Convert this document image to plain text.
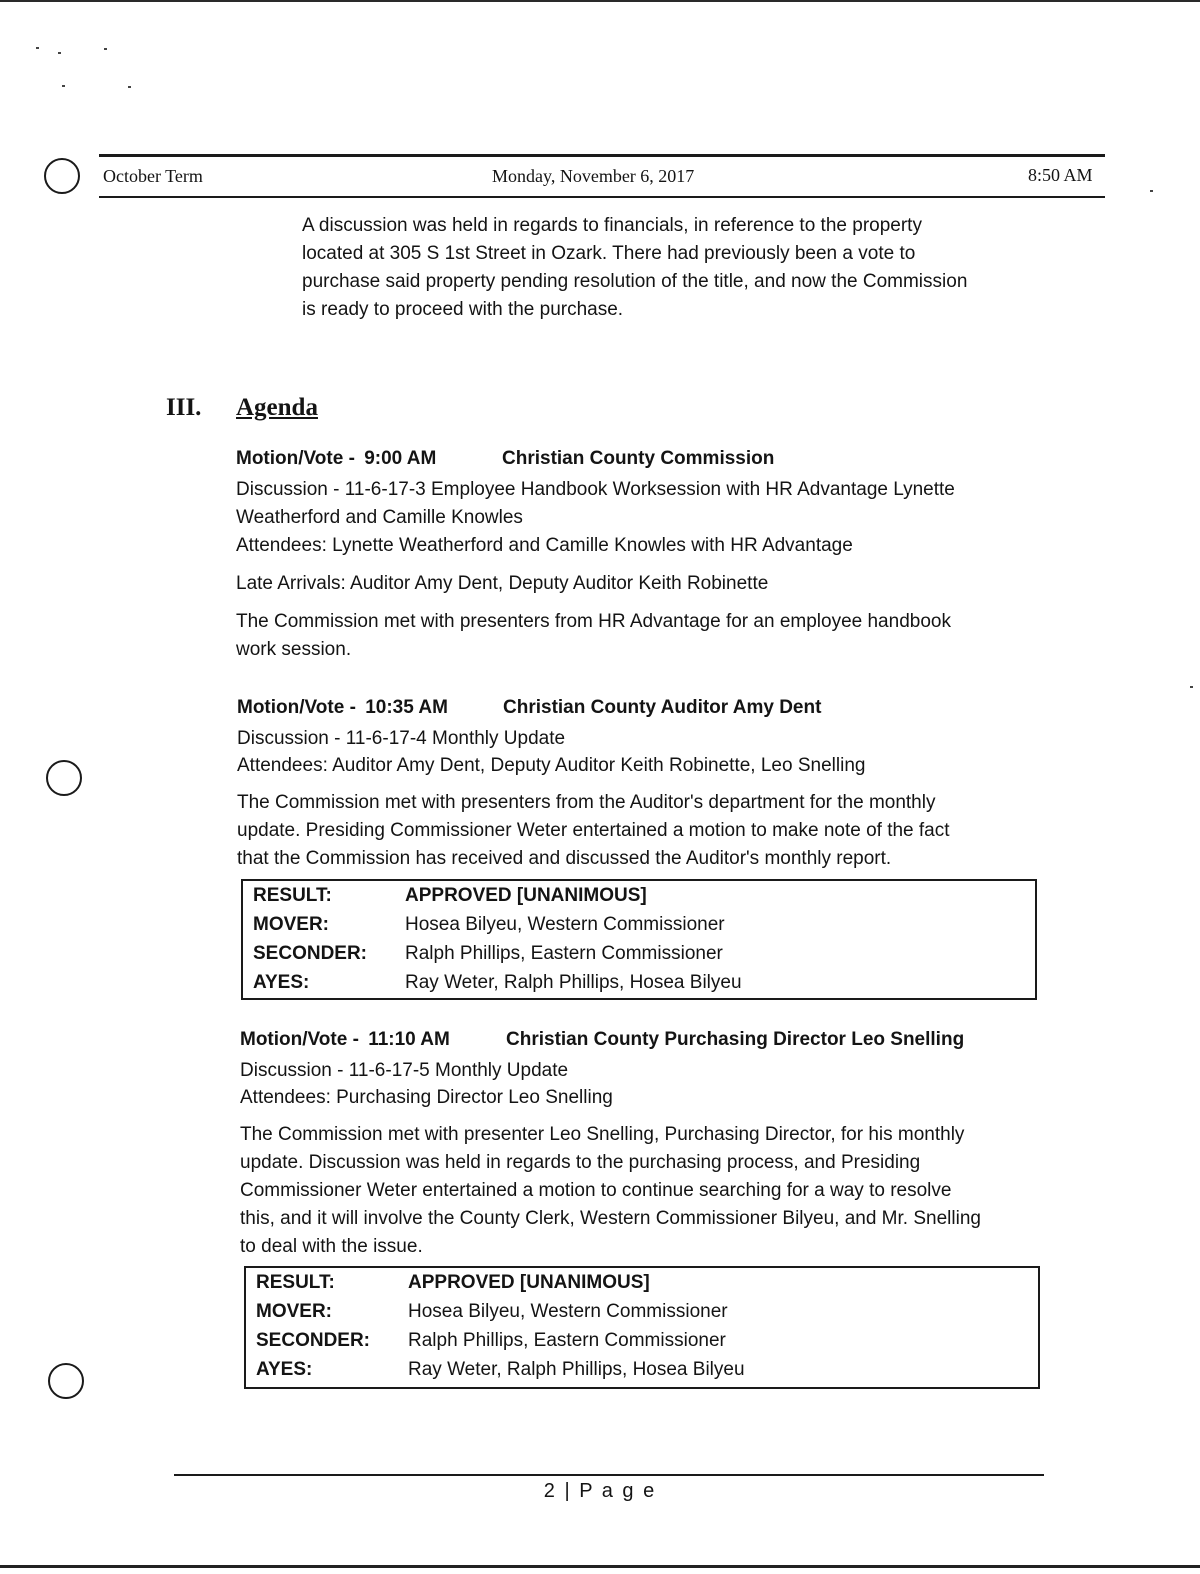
October Term	Monday, November 6, 2017	8:50 AM
A discussion was held in regards to financials, in reference to the property
located at 305 S 1st Street in Ozark. There had previously been a vote to
purchase said property pending resolution of the title, and now the Commission
is ready to proceed with the purchase.
III. Agenda
Motion/Vote - 9:00 AM	Christian County Commission
Discussion - 11-6-17-3 Employee Handbook Worksession with HR Advantage Lynette
Weatherford and Camille Knowles
Attendees: Lynette Weatherford and Camille Knowles with HR Advantage
Late Arrivals: Auditor Amy Dent, Deputy Auditor Keith Robinette
The Commission met with presenters from HR Advantage for an employee handbook
work session.
Motion/Vote - 10:35 AM	Christian County Auditor Amy Dent
Discussion - 11-6-17-4 Monthly Update
Attendees: Auditor Amy Dent, Deputy Auditor Keith Robinette, Leo Snelling
The Commission met with presenters from the Auditor's department for the monthly
update. Presiding Commissioner Weter entertained a motion to make note of the fact
that the Commission has received and discussed the Auditor's monthly report.
RESULT:	APPROVED [UNANIMOUS]
MOVER:	Hosea Bilyeu, Western Commissioner
SECONDER:	Ralph Phillips, Eastern Commissioner
AYES:	Ray Weter, Ralph Phillips, Hosea Bilyeu
Motion/Vote - 11:10 AM	Christian County Purchasing Director Leo Snelling
Discussion - 11-6-17-5 Monthly Update
Attendees: Purchasing Director Leo Snelling
The Commission met with presenter Leo Snelling, Purchasing Director, for his monthly
update. Discussion was held in regards to the purchasing process, and Presiding
Commissioner Weter entertained a motion to continue searching for a way to resolve
this, and it will involve the County Clerk, Western Commissioner Bilyeu, and Mr. Snelling
to deal with the issue.
RESULT:	APPROVED [UNANIMOUS]
MOVER:	Hosea Bilyeu, Western Commissioner
SECONDER:	Ralph Phillips, Eastern Commissioner
AYES:	Ray Weter, Ralph Phillips, Hosea Bilyeu
2 | P a g e
